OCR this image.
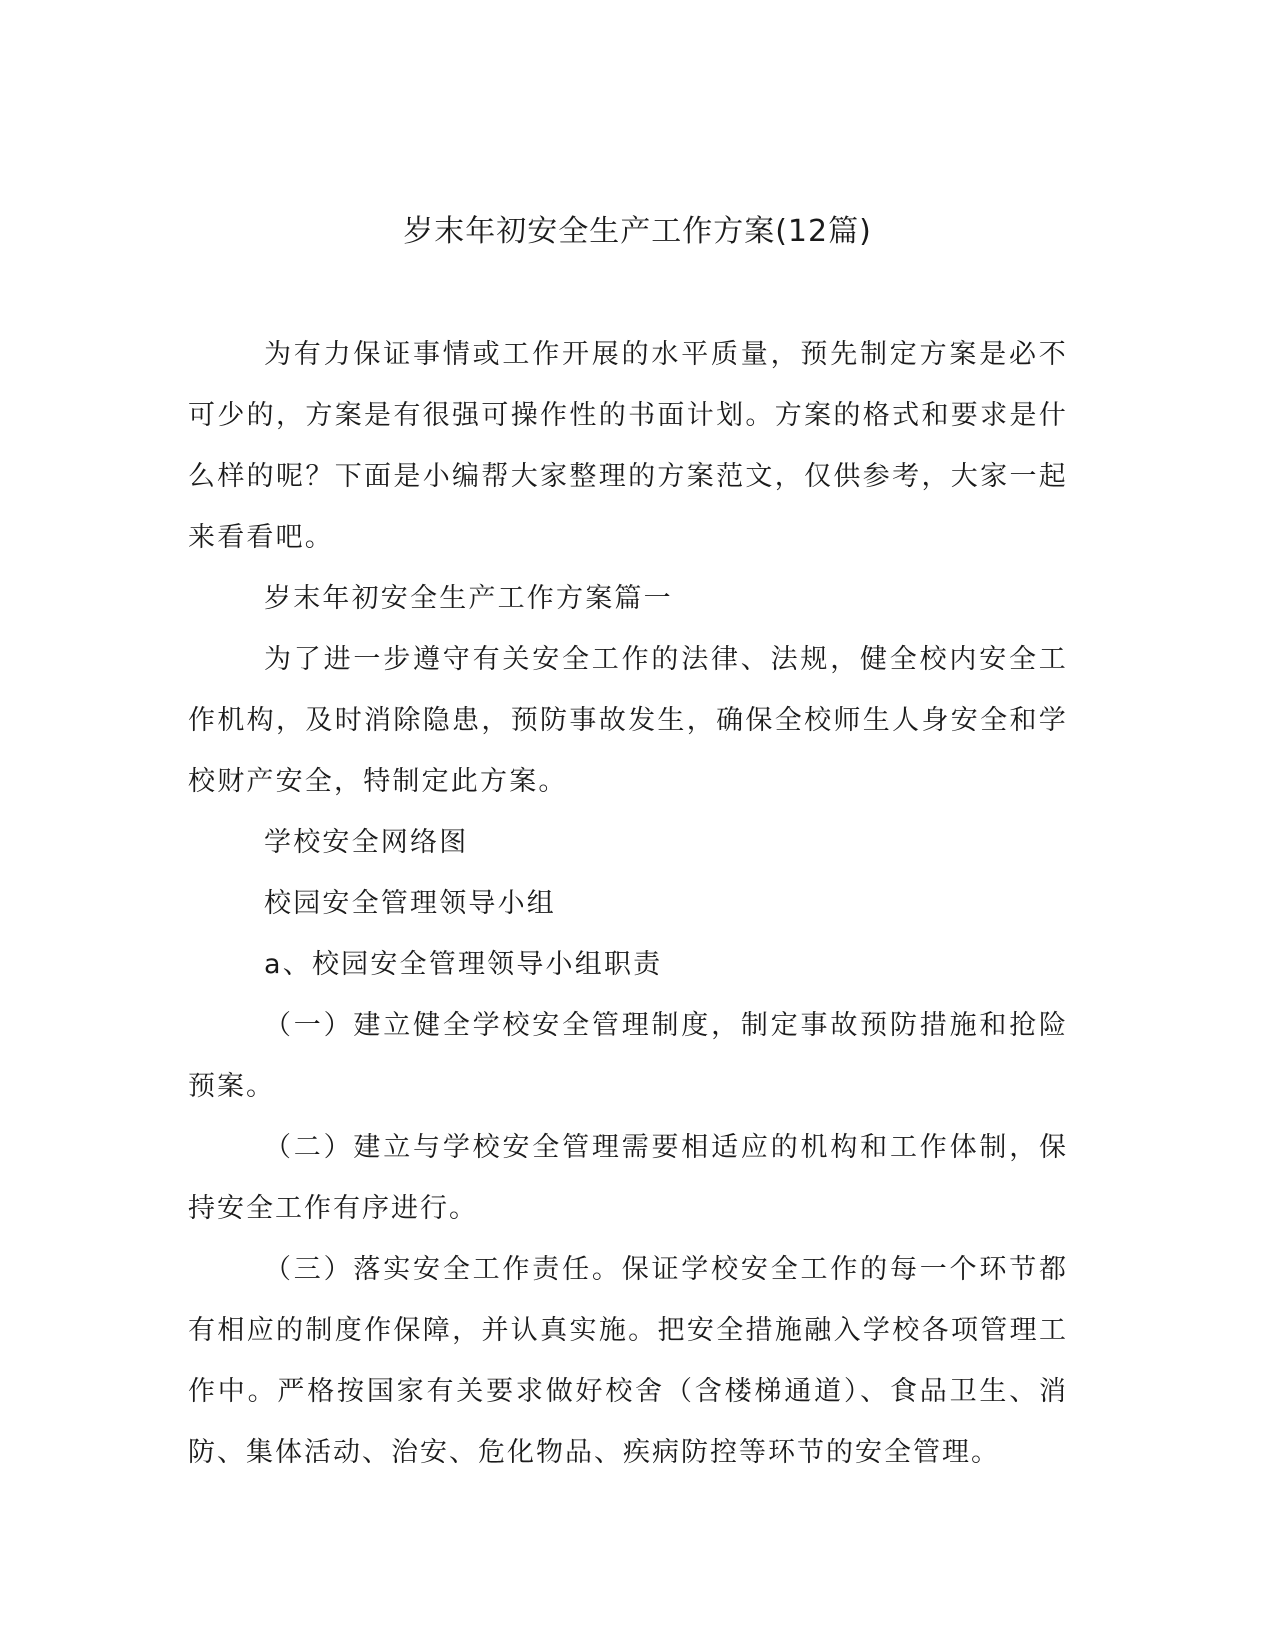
岁末年初安全生产工作方案(12篇)

为有力保证事情或工作开展的水平质量，预先制定方案是必不可少的，方案是有很强可操作性的书面计划。方案的格式和要求是什么样的呢？下面是小编帮大家整理的方案范文，仅供参考，大家一起来看看吧。

岁末年初安全生产工作方案篇一

为了进一步遵守有关安全工作的法律、法规，健全校内安全工作机构，及时消除隐患，预防事故发生，确保全校师生人身安全和学校财产安全，特制定此方案。

学校安全网络图

校园安全管理领导小组

a、校园安全管理领导小组职责

（一）建立健全学校安全管理制度，制定事故预防措施和抢险预案。

（二）建立与学校安全管理需要相适应的机构和工作体制，保持安全工作有序进行。

（三）落实安全工作责任。保证学校安全工作的每一个环节都有相应的制度作保障，并认真实施。把安全措施融入学校各项管理工作中。严格按国家有关要求做好校舍（含楼梯通道）、食品卫生、消防、集体活动、治安、危化物品、疾病防控等环节的安全管理。
